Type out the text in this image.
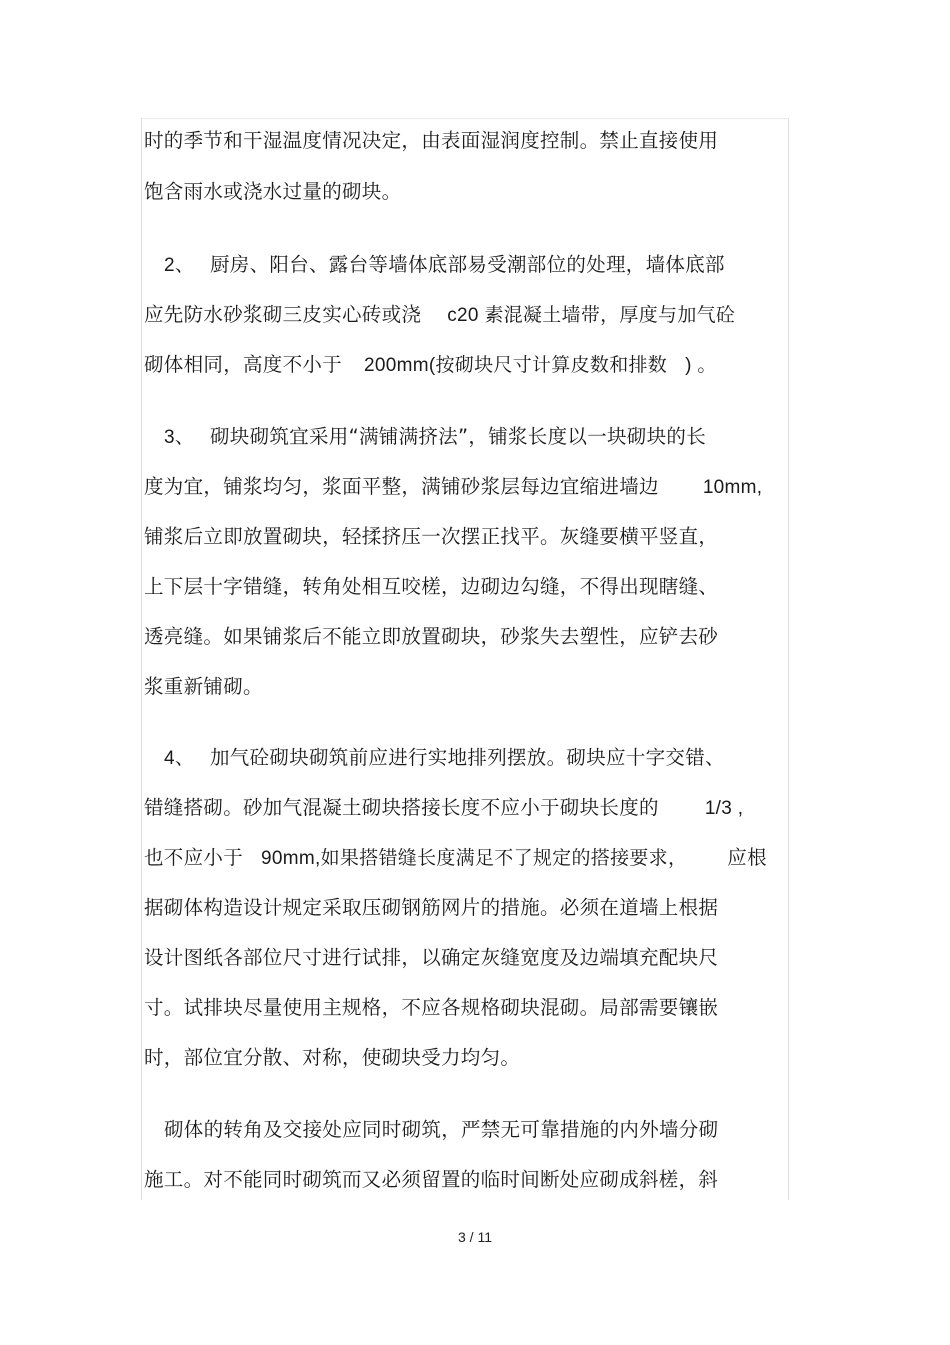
时的季节和干湿温度情况决定，由表面湿润度控制。禁止直接使用
饱含雨水或浇水过量的砌块。
2、 厨房、阳台、露台等墙体底部易受潮部位的处理，墙体底部
应先防水砂浆砌三皮实心砖或浇 c20 素混凝土墙带，厚度与加气砼
砌体相同，高度不小于 200mm(按砌块尺寸计算皮数和排数 ) 。
3、 砌块砌筑宜采用“满铺满挤法”，铺浆长度以一块砌块的长
度为宜，铺浆均匀，浆面平整，满铺砂浆层每边宜缩进墙边 10mm,
铺浆后立即放置砌块，轻揉挤压一次摆正找平。灰缝要横平竖直，
上下层十字错缝，转角处相互咬槎，边砌边勾缝，不得出现瞎缝、
透亮缝。如果铺浆后不能立即放置砌块，砂浆失去塑性，应铲去砂
浆重新铺砌。
4、 加气砼砌块砌筑前应进行实地排列摆放。砌块应十字交错、
错缝搭砌。砂加气混凝土砌块搭接长度不应小于砌块长度的 1/3 ,
也不应小于 90mm,如果搭错缝长度满足不了规定的搭接要求， 应根
据砌体构造设计规定采取压砌钢筋网片的措施。必须在道墙上根据
设计图纸各部位尺寸进行试排，以确定灰缝宽度及边端填充配块尺
寸。试排块尽量使用主规格，不应各规格砌块混砌。局部需要镶嵌
时，部位宜分散、对称，使砌块受力均匀。
砌体的转角及交接处应同时砌筑，严禁无可靠措施的内外墙分砌
施工。对不能同时砌筑而又必须留置的临时间断处应砌成斜槎，斜
3 / 11
